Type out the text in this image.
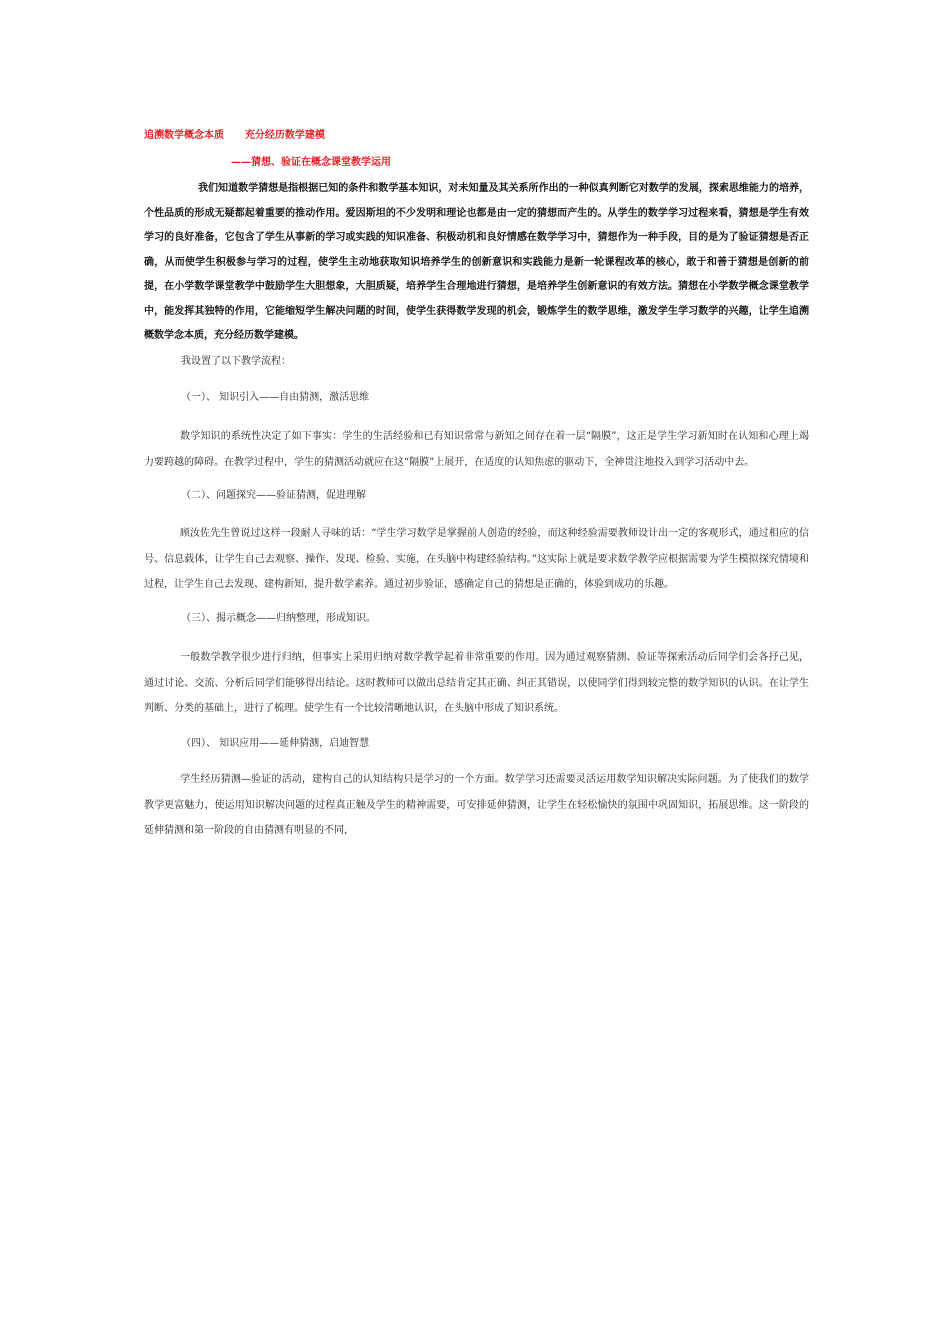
追溯数学概念本质      充分经历数学建模
——猜想、验证在概念课堂教学运用
我们知道数学猜想是指根据已知的条件和数学基本知识，对未知量及其关系所作出的一种似真判断它对数学的发展，探索思维能力的培养，个性品质的形成无疑都起着重要的推动作用。爱因斯坦的不少发明和理论也都是由一定的猜想而产生的。从学生的数学学习过程来看，猜想是学生有效学习的良好准备，它包含了学生从事新的学习或实践的知识准备、积极动机和良好情感在数学学习中，猜想作为一种手段，目的是为了验证猜想是否正确，从而使学生积极参与学习的过程，使学生主动地获取知识培养学生的创新意识和实践能力是新一轮课程改革的核心，敢于和善于猜想是创新的前提，在小学数学课堂教学中鼓励学生大胆想象，大胆质疑，培养学生合理地进行猜想，是培养学生创新意识的有效方法。猜想在小学数学概念课堂教学中，能发挥其独特的作用，它能缩短学生解决问题的时间，使学生获得数学发现的机会，锻炼学生的数学思维，激发学生学习数学的兴趣，让学生追溯概数学念本质，充分经历数学建模。
我设置了以下教学流程：
（一）、 知识引入——自由猜测，激活思维
数学知识的系统性决定了如下事实：学生的生活经验和已有知识常常与新知之间存在着一层“隔膜”，这正是学生学习新知时在认知和心理上竭力要跨越的障碍。在教学过程中，学生的猜测活动就应在这“隔膜”上展开，在适度的认知焦虑的驱动下，全神贯注地投入到学习活动中去。
（二）、问题探究——验证猜测，促进理解
顾汝佐先生曾说过这样一段耐人寻味的话：“学生学习数学是掌握前人创造的经验，而这种经验需要教师设计出一定的客观形式，通过相应的信号、信息载体，让学生自己去观察、操作、发现、检验、实施，在头脑中构建经验结构。”这实际上就是要求数学教学应根据需要为学生模拟探究情境和过程，让学生自己去发现、建构新知，提升数学素养。通过初步验证，感确定自己的猜想是正确的，体验到成功的乐趣。
（三）、揭示概念——归纳整理，形成知识。
一般数学教学很少进行归纳，但事实上采用归纳对数学教学起着非常重要的作用。因为通过观察猜测、验证等探索活动后同学们会各抒己见，通过讨论、交流、分析后同学们能够得出结论。这时教师可以做出总结肯定其正确、纠正其错误，以使同学们得到较完整的数学知识的认识。在让学生判断、分类的基础上，进行了梳理。使学生有一个比较清晰地认识，在头脑中形成了知识系统。
（四）、 知识应用——延伸猜测，启迪智慧
学生经历猜测—验证的活动，建构自己的认知结构只是学习的一个方面。数学学习还需要灵活运用数学知识解决实际问题。为了使我们的数学教学更富魅力，使运用知识解决问题的过程真正触及学生的精神需要，可安排延伸猜测，让学生在轻松愉快的氛围中巩固知识，拓展思维。这一阶段的延伸猜测和第一阶段的自由猜测有明显的不同，
